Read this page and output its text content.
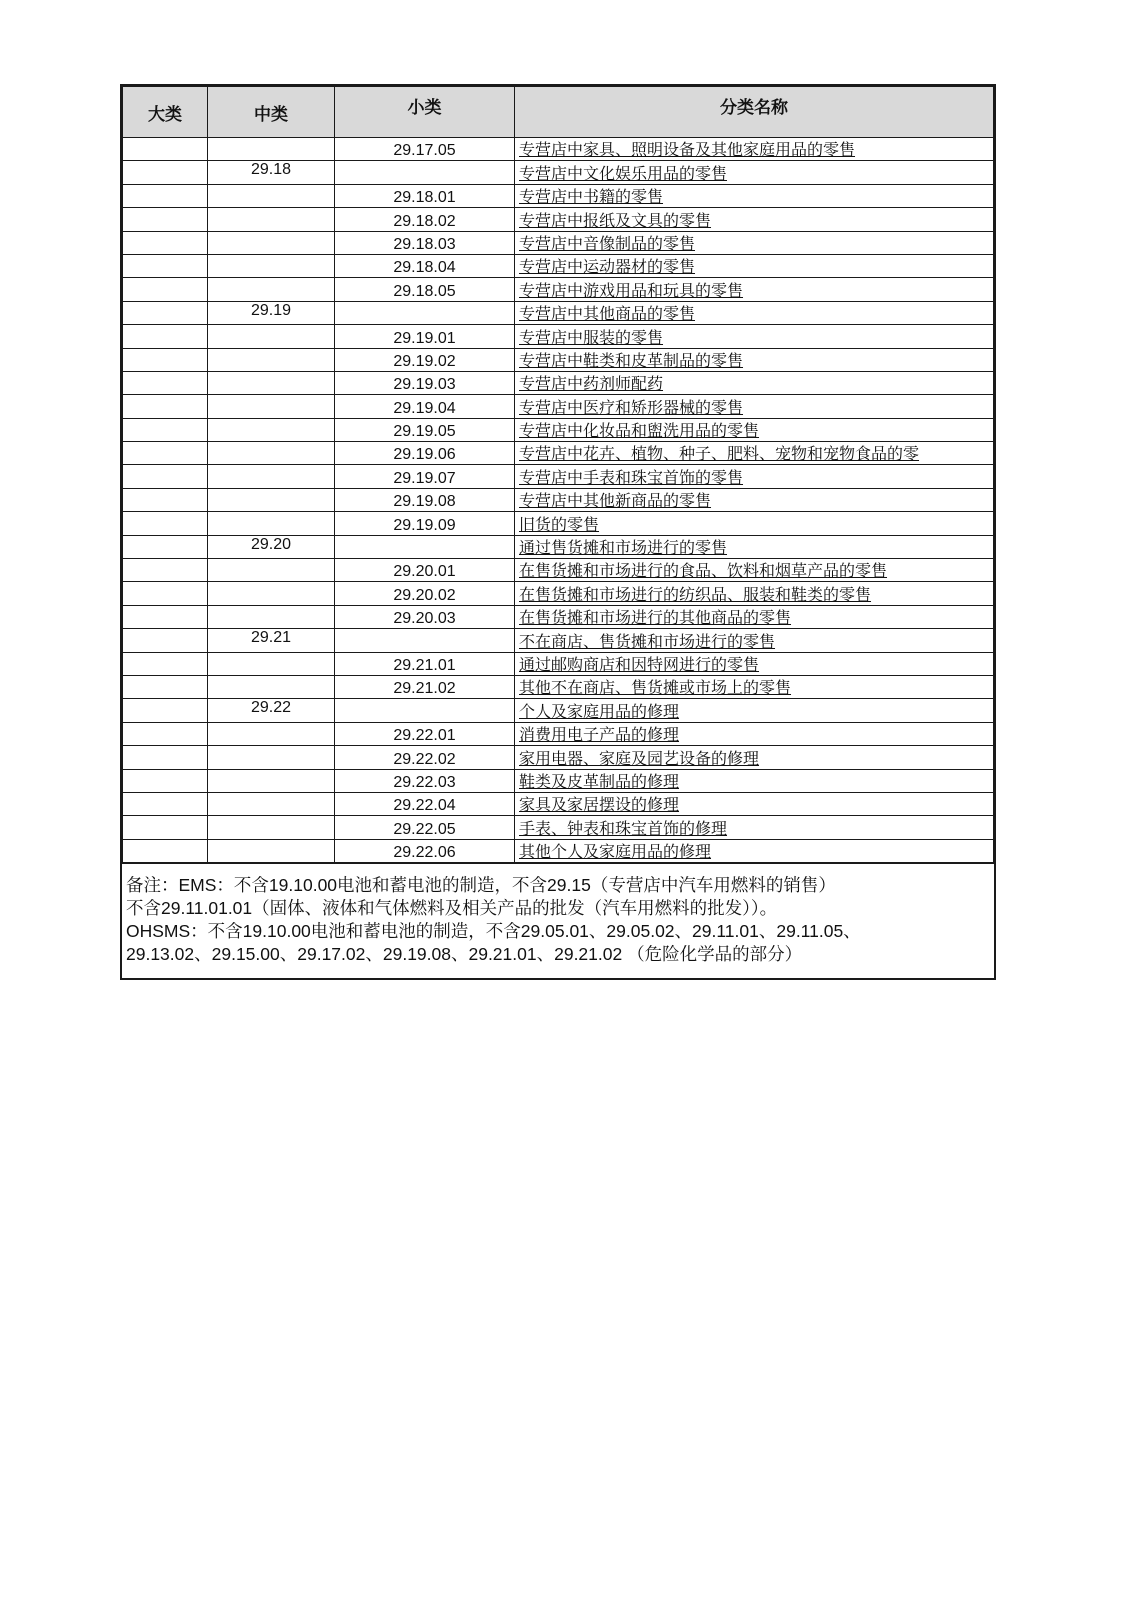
大类	中类	小类	分类名称
		29.17.05	专营店中家具、照明设备及其他家庭用品的零售
	29.18		专营店中文化娱乐用品的零售
		29.18.01	专营店中书籍的零售
		29.18.02	专营店中报纸及文具的零售
		29.18.03	专营店中音像制品的零售
		29.18.04	专营店中运动器材的零售
		29.18.05	专营店中游戏用品和玩具的零售
	29.19		专营店中其他商品的零售
		29.19.01	专营店中服装的零售
		29.19.02	专营店中鞋类和皮革制品的零售
		29.19.03	专营店中药剂师配药
		29.19.04	专营店中医疗和矫形器械的零售
		29.19.05	专营店中化妆品和盥洗用品的零售
		29.19.06	专营店中花卉、植物、种子、肥料、宠物和宠物食品的零
		29.19.07	专营店中手表和珠宝首饰的零售
		29.19.08	专营店中其他新商品的零售
		29.19.09	旧货的零售
	29.20		通过售货摊和市场进行的零售
		29.20.01	在售货摊和市场进行的食品、饮料和烟草产品的零售
		29.20.02	在售货摊和市场进行的纺织品、服装和鞋类的零售
		29.20.03	在售货摊和市场进行的其他商品的零售
	29.21		不在商店、售货摊和市场进行的零售
		29.21.01	通过邮购商店和因特网进行的零售
		29.21.02	其他不在商店、售货摊或市场上的零售
	29.22		个人及家庭用品的修理
		29.22.01	消费用电子产品的修理
		29.22.02	家用电器、家庭及园艺设备的修理
		29.22.03	鞋类及皮革制品的修理
		29.22.04	家具及家居摆设的修理
		29.22.05	手表、钟表和珠宝首饰的修理
		29.22.06	其他个人及家庭用品的修理
备注：EMS：不含19.10.00电池和蓄电池的制造，不含29.15（专营店中汽车用燃料的销售）
不含29.11.01.01（固体、液体和气体燃料及相关产品的批发（汽车用燃料的批发））。
OHSMS：不含19.10.00电池和蓄电池的制造，不含29.05.01、29.05.02、29.11.01、29.11.05、
29.13.02、29.15.00、29.17.02、29.19.08、29.21.01、29.21.02 （危险化学品的部分）
